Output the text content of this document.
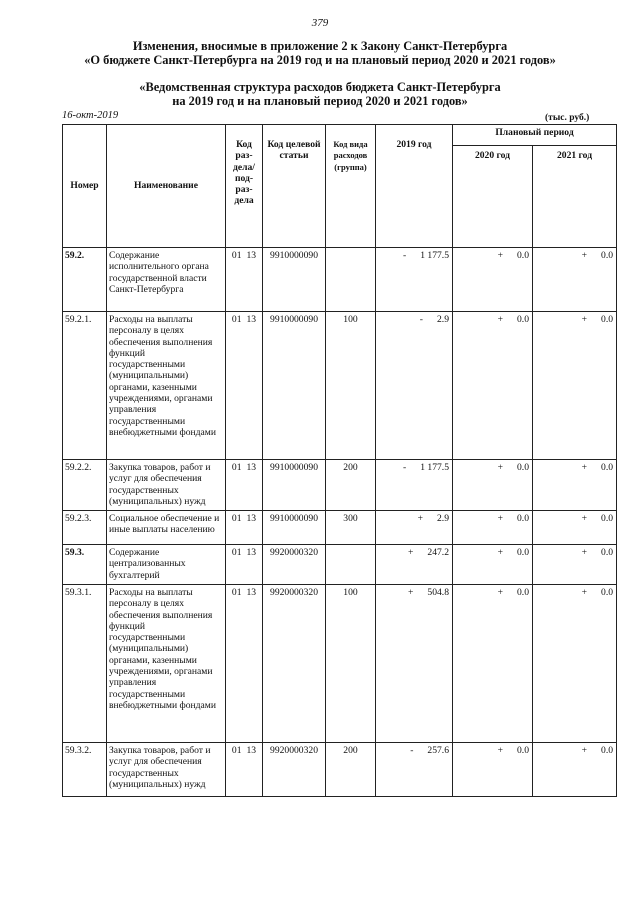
379
Изменения, вносимые в приложение 2 к Закону Санкт-Петербурга
«О бюджете Санкт-Петербурга на 2019 год и на плановый период 2020 и 2021 годов»
«Ведомственная структура расходов бюджета Санкт-Петербурга
на 2019 год и на плановый период 2020 и 2021 годов»
16-окт-2019	(тыс. руб.)
Номер	Наименование	Код раз-дела/ под-раз-дела	Код целевой статьи	Код вида расходов (группа)	2019 год	Плановый период	
						2020 год	2021 год
59.2.	Содержание исполнительного органа государственной власти Санкт-Петербурга	01 13	9910000090		- 1 177.5	+ 0.0	+ 0.0
59.2.1.	Расходы на выплаты персоналу в целях обеспечения выполнения функций государственными (муниципальными) органами, казенными учреждениями, органами управления государственными внебюджетными фондами	01 13	9910000090	100	- 2.9	+ 0.0	+ 0.0
59.2.2.	Закупка товаров, работ и услуг для обеспечения государственных (муниципальных) нужд	01 13	9910000090	200	- 1 177.5	+ 0.0	+ 0.0
59.2.3.	Социальное обеспечение и иные выплаты населению	01 13	9910000090	300	+ 2.9	+ 0.0	+ 0.0
59.3.	Содержание централизованных бухгалтерий	01 13	9920000320		+ 247.2	+ 0.0	+ 0.0
59.3.1.	Расходы на выплаты персоналу в целях обеспечения выполнения функций государственными (муниципальными) органами, казенными учреждениями, органами управления государственными внебюджетными фондами	01 13	9920000320	100	+ 504.8	+ 0.0	+ 0.0
59.3.2.	Закупка товаров, работ и услуг для обеспечения государственных (муниципальных) нужд	01 13	9920000320	200	- 257.6	+ 0.0	+ 0.0
